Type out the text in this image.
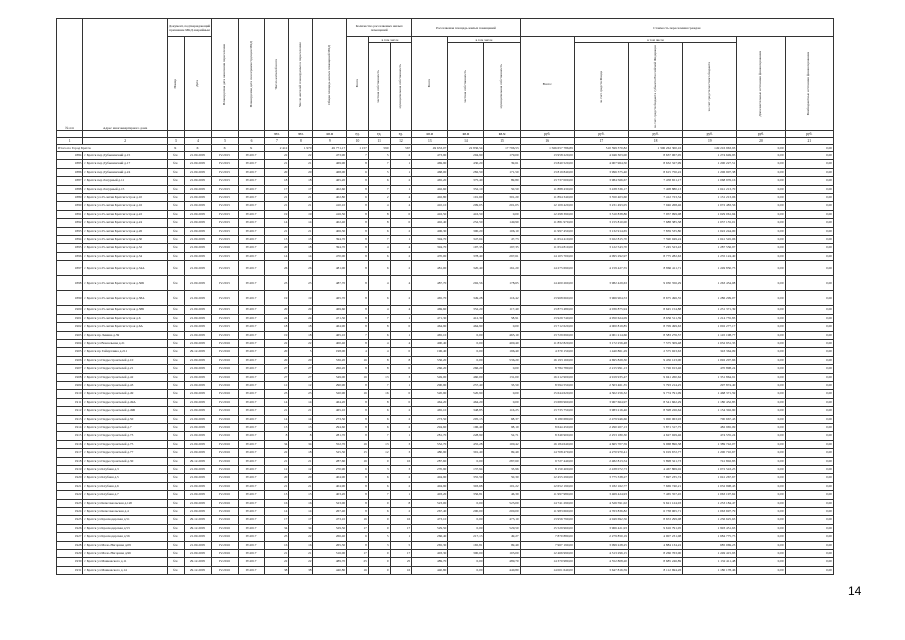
№ п/п	Адрес многоквартирного дома	Документ, подтверждающий признание МКД аварийным		Планируемая дата окончания переселения	Планируемая дата сноса/реконструкции МКД	Число жителей всего	Число жителей планируемых к переселению	Общая площадь жилых помещений МКД	Количество расселяемых жилых помещений			Расселяемая площадь жилых помещений			Стоимость переселения граждан					

		Номер	Дата						Всего	в том числе		Всего	в том числе		Всего:	в том числе			Дополнительные источники финансирования	Внебюджетные источники финансирования

										частная собственность	муниципальная собственность		частная собственность	муниципальная собственность		за счет средств Фонда	за счет средств бюджета субъекта Российской Федерации	за счет средств местного бюджета		

						чел.	чел.	кв.м	ед.	ед.	ед.	кв.м	кв.м	кв.м	руб.	руб.	руб.	руб.	руб.	руб.
1	2	3	4	5	6	7	8	9	10	11	12	13	14	15	16	17	18	19	20	21
Итого по Город Братск		X	X	X	X	2 412	1 970	49 771,17	1 157	590	567	49 633,07	22 836,54	17 796,53	1 566 657 786,89	510 599 370,82	1 306 262 300,16	149 216 963,93	0,00	0,00
1884	г Братск пер Дубынинский д.15	б/н	21.09.2005	IV.2015	IV.2017	22	22	473,90	7	5	2	473,90	294,90	179,00	13 958 220,00	4 046 303,00	8 637 067,05	1 274 649,95	0,00	0,00
1885	г Братск пер Дубынинский д.17	б/н	21.09.2005	IV.2015	IV.2017	21	21	469,90	8	7	1	469,90	430,20	39,61	13 840 520,00	4 007 964,50	8 632 327,99	1 200 227,51	0,00	0,00
1886	г Братск пер Дубынинский д.24	б/н	21.09.2005	IV.2015	IV.2017	20	20	468,00	6	5	1	468,00	282,50	171,50	13 819 840,00	3 996 375,40	8 615 750,22	1 206 907,38	0,00	0,00
1887	г Братск пер Лазурный д.11	б/н	21.09.2005	IV.2015	IV.2017	18	18	465,20	8	6	2	465,20	375,40	89,80	13 737 000,00	3 984 566,67	7 458 651,17	1 068 976,16	0,00	0,00
1888	г Братск пер Лазурный д.15	б/н	21.09.2005	IV.2015	IV.2017	17	17	402,60	8	7	1	402,60	352,10	50,50	11 888 430,00	3 438 336,17	7 408 880,13	1 041 213,70	0,00	0,00
1889	г Братск ул 25-летия Братскгэстроя д.10	б/н	21.09.2005	IV.2015	IV.2017	21	21	402,80	6	2	4	402,80	101,60	301,20	11 894 340,00	3 350 403,60	7 412 723,34	1 131 213,06	0,00	0,00
1890	г Братск ул 25-летия Братскгэстроя д.16	б/н	21.09.2005	IV.2015	IV.2017	21	21	410,10	8	4	4	410,10	209,05	201,05	12 109 420,00	3 231 493,05	7 946 268,46	1 072 483,56	0,00	0,00
1891	г Братск ул 25-летия Братскгэстроя д.22	б/н	21.09.2005	IV.2015	IV.2017	19	19	416,50	8	8	0	416,50	416,50	0,00	12 298 390,00	3 310 838,86	7 957 999,08	1 029 061,94	0,00	0,00
1892	г Братск ул 25-летия Братскгэстроя д.24	б/н	21.09.2005	IV.2015	IV.2017	14	14	402,40	8	8	0	402,40	252,50	149,90	11 881 970,00	3 155 810,00	7 688 385,38	1 037 155,01	0,00	0,00
1893	г Братск ул 25-летия Братскгэстроя д.26	б/н	21.09.2005	IV.2015	IV.2017	21	21	406,30	8	6	2	406,30	300,20	106,10	11 997 450,00	3 132 914,65	7 839 535,80	1 022 244,00	0,00	0,00
1894	г Братск ул 25-летия Братскгэстроя д.30	б/н	21.09.2005	IV.2015	IV.2017	13	13	394,70	8	7	1	394,70	347,04	47,73	11 654 410,00	3 022 815,70	7 590 049,24	1 041 545,06	0,00	0,00
1895	г Братск ул 25-летия Братскгэстроя д.32	б/н	21.09.2005	IV.2016	IV.2017	20	18	394,70	8	4	4	394,70	197,35	197,35	11 654 810,00	3 122 543,70	7 245 523,43	1 287 556,97	0,00	0,00
1896	г Братск ул 25-летия Братскгэстроя д.34	б/н	21.09.2005	IV.2015	IV.2017	14	14	470,00	8	6	2	470,00	378,40	297,61	14 105 700,00	4 095 292,97	8 775 282,63	1 235 124,40	0,00	0,00
1897	г Братск ул 25-летия Братскгэстроя д.34А	б/н	21.09.2005	IV.2015	IV.2017	26	26	481,00	8	6	2	481,00	320,40	161,20	14 275 690,00	4 159 427,55	8 866 411,71	1 249 850,75	0,00	0,00
1898	г Братск ул 25-летия Братскгэстроя д.56Б	б/н	21.09.2005	IV.2015	IV.2017	23	23	487,70	8	4	4	487,70	292,56	178,65	14 400 260,00	3 982 429,63	9 030 356,29	1 263 454,08	0,00	0,00
1899	г Братск ул 25-летия Братскгэстроя д.58А	б/н	21.09.2005	IV.2015	IV.2017	19	19	465,70	8	6	2	465,70	349,28	116,42	13 968 660,00	3 966 904,53	8 675 496,55	1 286 299,07	0,00	0,00
1900	г Братск ул 25-летия Братскгэстроя д.58Б	б/н	21.09.2005	IV.2015	IV.2017	20	20	469,60	8	4	4	469,60	352,20	117,40	13 873 480,00	4 036 875,94	8 645 154,88	1 231 371,39	0,00	0,00
1901	г Братск ул 25-летия Братскгэстроя д.6	б/н	21.09.2005	IV.2015	IV.2017	24	24	471,30	8	7	1	471,30	412,39	58,91	13 929 740,00	4 050 624,09	8 656 511,39	1 214 735,83	0,00	0,00
1902	г Братск ул 25-летия Братскгэстроя д.6А	б/н	21.09.2005	IV.2015	IV.2017	18	18	464,90	8	8	0	464,90	464,90	0,00	13 712 620,00	4 000 819,85	8 709 499,63	1 002 277,17	0,00	0,00
1903	г Братск пр Ленина д.59	б/н	21.09.2005	IV.2015	IV.2017	19	18	465,10	7	6	1	465,10	0,00	465,10	13 729 690,00	4 001 214,66	8 583 276,57	1 145 198,77	0,00	0,00
1904	г Братск ул Вокзальная д.21	б/н	21.09.2005	IV.2016	IV.2017	22	22	400,40	8	4	4	400,40	0,00	400,40	11 832 820,00	3 172 256,48	7 575 309,48	1 032 931,35	0,00	0,00
1905	г Братск пр Гайнуллина д.211	б/н	29.12.2005	IV.2016	IV.2017	20	5	198,00	4	4	0	196,40	0,00	196,40	4 370 150,00	1 440 861,29	2 575 923,63	343 364,09	0,00	0,00
1906	г Братск ул Гидростроителей д.10	б/н	21.09.2005	IV.2016	IV.2017	20	20	536,20	16	8	8	536,20	0,00	536,20	16 193 160,00	4 695 829,30	9 456 123,00	1 092 207,66	0,00	0,00
1907	г Братск ул Гидростроителей д.21	б/н	21.09.2005	IV.2016	IV.2017	27	27	266,20	8	8	0	266,20	266,20	0,00	8 784 780,00	2 215 991,13	5 726 913,46	470 898,24	0,00	0,00
1908	г Братск ул Гидростроителей д.42	б/н	21.09.2005	IV.2016	IV.2017	27	27	549,00	16	13	3	549,00	460,00	131,00	16 212 900,00	4 919 935,47	9 941 260,62	1 351 864,91	0,00	0,00
1909	г Братск ул Гидростроителей д.43	б/н	21.09.2005	IV.2016	IV.2017	12	12	290,90	8	7	1	290,90	257,40	33,50	8 594 550,00	2 503 461,35	5 793 214,25	297 874,40	0,00	0,00
1910	г Братск ул Гидростроителей д.49	б/н	21.09.2005	IV.2016	IV.2017	23	23	520,90	16	16	0	520,90	520,90	0,00	15 644 620,00	4 302 256,32	9 774 791,09	1 468 371,59	0,00	0,00
1911	г Братск ул Гидростроителей д.49А	б/н	21.09.2005	IV.2016	IV.2017	14	14	464,20	8	8	0	464,20	464,20	0,00	13 689 960,00	3 967 664,97	8 541 662,29	1 180 432,85	0,00	0,00
1912	г Братск ул Гидростроителей д.49Б	б/н	21.09.2005	IV.2016	IV.2017	21	21	465,10	8	6	2	465,10	348,85	116,25	13 735 750,00	3 983 216,46	8 598 226,64	1 154 302,90	0,00	0,00
1913	г Братск ул Гидростроителей д.50	б/н	21.09.2005	IV.2016	IV.2017	14	14	273,50	8	6	2	273,50	205,13	68,37	8 180 680,00	2 479 946,66	5 000 063,93	700 667,43	0,00	0,00
1914	г Братск ул Гидростроителей д.7	б/н	21.09.2005	IV.2016	IV.2017	13	13	294,60	8	6	2	294,60	196,40	98,19	8 644 450,00	2 290 207,13	5 871 317,75	482 965,09	0,00	0,00
1915	г Братск ул Гидростроителей д.73	б/н	21.09.2005	IV.2016	IV.2017	8	8	281,70	8	7	1	281,70	228,99	52,71	8 349 900,00	2 253 180,30	4 627 929,46	474 535,24	0,00	0,00
1916	г Братск ул Гидростроителей д.75	б/н	21.09.2005	IV.2016	IV.2017	34	34	552,70	16	13	3	552,70	455,28	100,42	16 184 640,00	4 665 707,59	9 968 896,38	1 389 742,07	0,00	0,00
1917	г Братск ул Гидростроителей д.77	б/н	21.09.2005	IV.2016	IV.2017	22	18	525,30	15	12	3	480,90	391,40	99,49	14 708 470,00	4 270 970,41	9 019 672,77	1 200 710,67	0,00	0,00
1918	г Братск ул Гидростроителей д.30	б/н	29.12.2005	IV.2016	IV.2017	21	21	287,60	16	0	16	287,60	0,00	287,60	9 727 440,00	2 482 813,54	5 898 321,73	741 802,83	0,00	0,00
1919	г Братск ул Клубная д.3	б/н	21.09.2005	IV.2016	IV.2017	12	12	270,90	6	3	3	270,90	137,94	33,96	8 150 400,00	2 438 072,73	4 467 869,02	1 072 543,25	0,00	0,00
1920	г Братск ул Клубная д.5	б/н	21.09.2005	IV.2016	IV.2017	20	20	404,90	8	6	2	404,90	355,59	50,30	12 455 290,00	3 775 338,27	7 697 235,74	1 041 267,67	0,00	0,00
1921	г Братск ул Клубная д.6	б/н	21.09.2005	IV.2016	IV.2017	21	21	404,90	8	6	2	404,90	303,68	101,22	12 652 190,00	3 182 162,77	7 669 740,21	1 032 998,43	0,00	0,00
1922	г Братск ул Клубная д.7	б/н	21.09.2005	IV.2016	IV.2017	13	13	403,20	8	7	1	403,20	356,81	46,39	11 997 980,00	3 469 424,93	7 465 357,45	1 063 197,62	0,00	0,00
1923	г Братск ул Комсомольская д.120	б/н	21.09.2005	IV.2016	IV.2017	16	16	523,00	8	0	8	523,00	0,00	523,00	14 741 290,00	4 526 591,02	9 621 124,03	1 253 184,47	0,00	0,00
1924	г Братск ул Комсомольская д.4	б/н	21.09.2005	IV.2016	IV.2017	14	14	267,40	8	6	2	267,40	200,00	200,00	11 983 660,00	4 763 836,82	6 738 965,71	1 063 697,79	0,00	0,00
1925	г Братск ул Краснодарская д.51	б/н	29.12.2005	IV.2016	IV.2017	17	17	473,10	16	0	16	473,10	0,00	473,10	13 956 790,00	4 049 692,56	8 653 299,08	1 236 625,63	0,00	0,00
1926	г Братск ул Краснодарская д.53	б/н	29.12.2005	IV.2016	IV.2017	34	34	529,50	17	0	17	529,50	0,00	529,50	15 529 960,00	3 966 421,93	9 616 791,05	1 993 451,63	0,00	0,00
1927	г Братск ул Краснодарская д.56	б/н	21.09.2005	IV.2016	IV.2017	25	22	266,40	6	5	1	266,40	217,13	49,27	7 870 880,00	2 279 850,19	4 907 231,08	1 684 775,75	0,00	0,00
1928	г Братск ул Мало-Нагорная д.09	б/н	21.09.2005	IV.2016	IV.2017	16	16	265,30	8	3	5	265,30	165,81	99,49	7 967 190,00	3 099 228,25	4 884 134,22	685 069,23	0,00	0,00
1929	г Братск ул Мало-Нагорная д.96	б/н	21.09.2005	IV.2016	IV.2017	21	21	516,00	17	0	17	403,30	300,00	103,00	12 466 990,00	4 313 296,15	8 266 763,00	1 249 415,93	0,00	0,00
1930	г Братск ул Маяковского д.11	б/н	29.12.2005	IV.2016	IV.2017	22	22	489,70	25	0	25	489,70	0,00	489,70	14 370 980,00	4 552 808,20	8 685 246,89	1 132 411,48	0,00	0,00
1931	г Братск ул Маяковского д.14	б/н	29.12.2005	IV.2016	IV.2017	38	38	440,80	16	0	16	440,80	0,00	440,80	14 001 640,00	3 647 816,59	8 112 694,26	1 180 178,46	0,00	0,00
14
